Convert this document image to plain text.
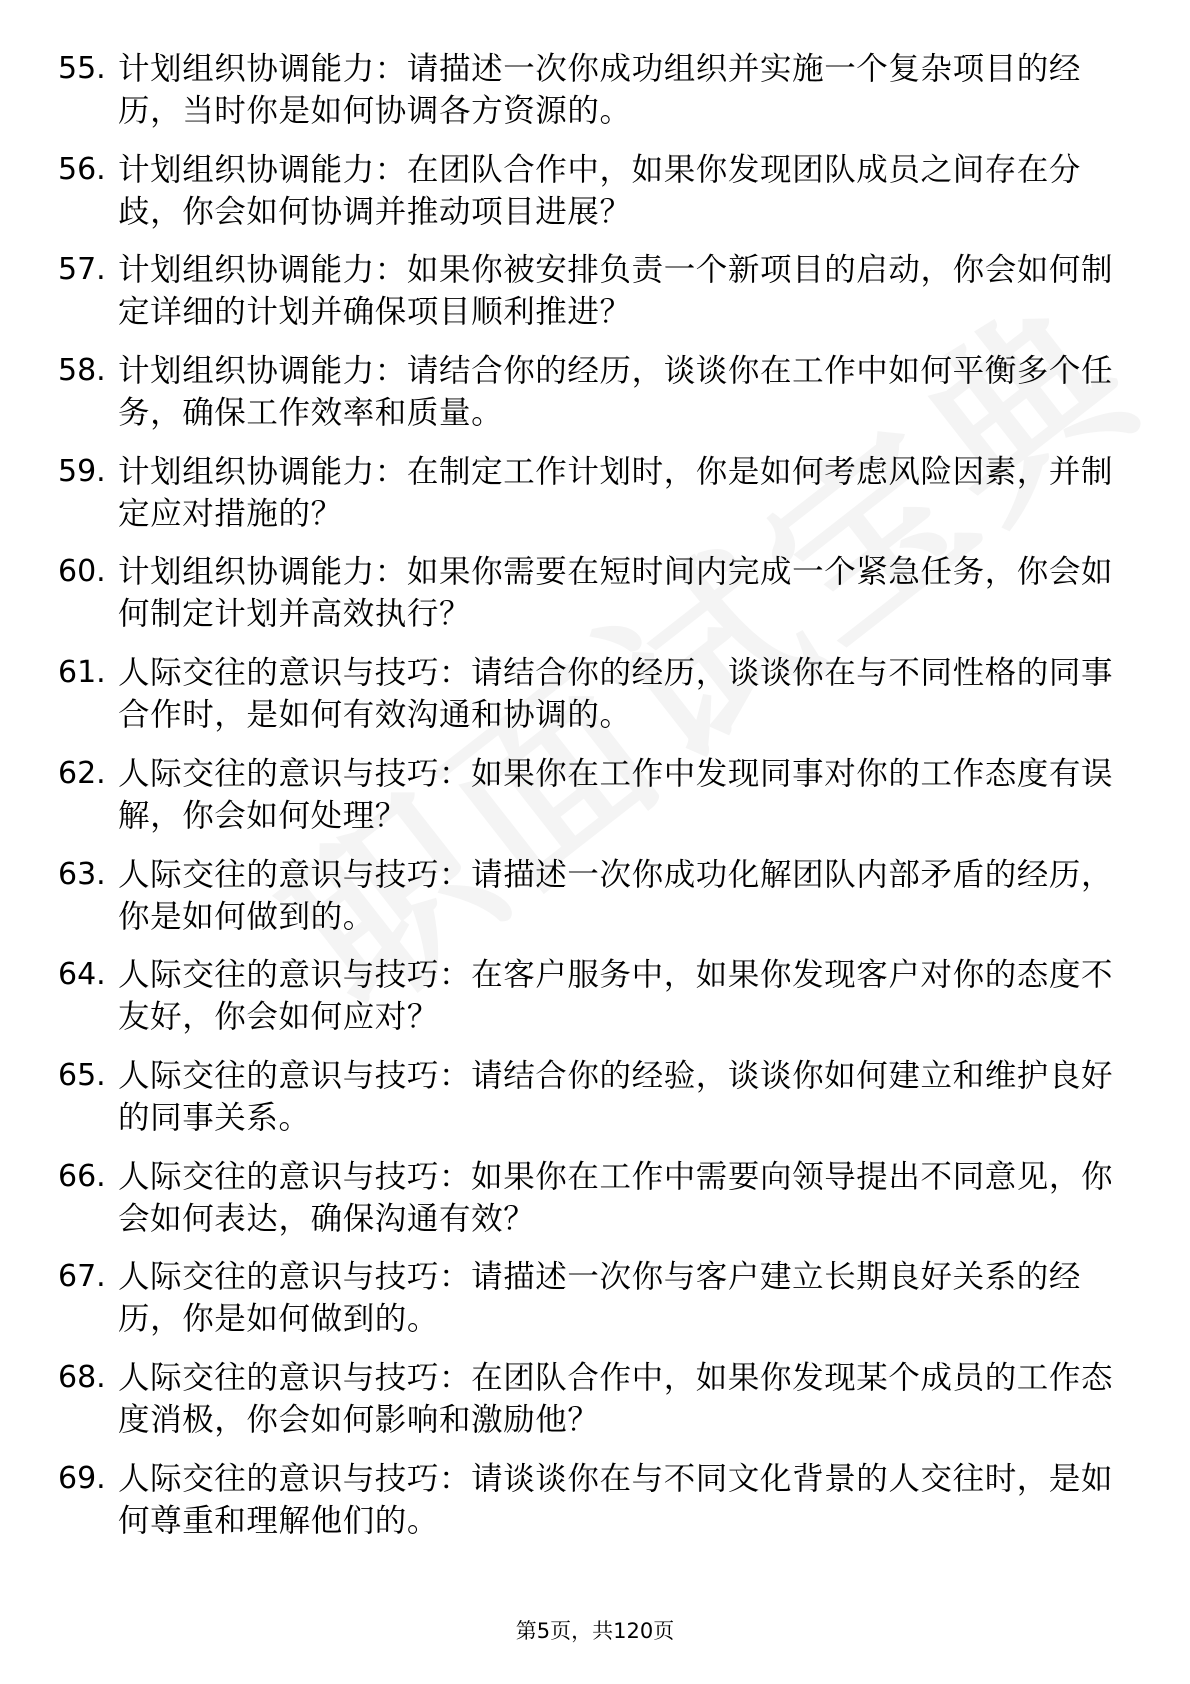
55. 计划组织协调能力：请描述一次你成功组织并实施一个复杂项目的经历，当时你是如何协调各方资源的。
56. 计划组织协调能力：在团队合作中，如果你发现团队成员之间存在分歧，你会如何协调并推动项目进展？
57. 计划组织协调能力：如果你被安排负责一个新项目的启动，你会如何制定详细的计划并确保项目顺利推进？
58. 计划组织协调能力：请结合你的经历，谈谈你在工作中如何平衡多个任务，确保工作效率和质量。
59. 计划组织协调能力：在制定工作计划时，你是如何考虑风险因素，并制定应对措施的？
60. 计划组织协调能力：如果你需要在短时间内完成一个紧急任务，你会如何制定计划并高效执行？
61. 人际交往的意识与技巧：请结合你的经历，谈谈你在与不同性格的同事合作时，是如何有效沟通和协调的。
62. 人际交往的意识与技巧：如果你在工作中发现同事对你的工作态度有误解，你会如何处理？
63. 人际交往的意识与技巧：请描述一次你成功化解团队内部矛盾的经历，你是如何做到的。
64. 人际交往的意识与技巧：在客户服务中，如果你发现客户对你的态度不友好，你会如何应对？
65. 人际交往的意识与技巧：请结合你的经验，谈谈你如何建立和维护良好的同事关系。
66. 人际交往的意识与技巧：如果你在工作中需要向领导提出不同意见，你会如何表达，确保沟通有效？
67. 人际交往的意识与技巧：请描述一次你与客户建立长期良好关系的经历，你是如何做到的。
68. 人际交往的意识与技巧：在团队合作中，如果你发现某个成员的工作态度消极，你会如何影响和激励他？
69. 人际交往的意识与技巧：请谈谈你在与不同文化背景的人交往时，是如何尊重和理解他们的。
第5页，共120页
